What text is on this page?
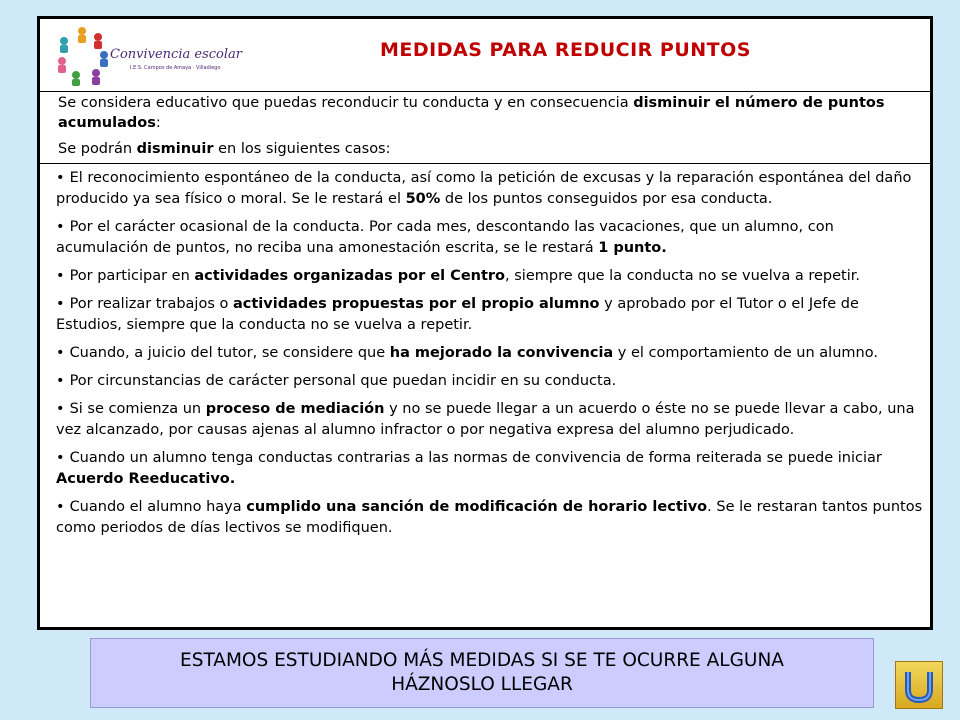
Convivencia escolar
I.E.S. Campos de Amaya · Villadiego
MEDIDAS PARA REDUCIR PUNTOS

Se considera educativo que puedas reconducir tu conducta y en consecuencia disminuir el número de puntos acumulados:

Se podrán disminuir en los siguientes casos:

• El reconocimiento espontáneo de la conducta, así como la petición de excusas y la reparación espontánea del daño producido ya sea físico o moral. Se le restará el 50% de los puntos conseguidos por esa conducta.
• Por el carácter ocasional de la conducta. Por cada mes, descontando las vacaciones, que un alumno, con acumulación de puntos, no reciba una amonestación escrita, se le restará 1 punto.
• Por participar en actividades organizadas por el Centro, siempre que la conducta no se vuelva a repetir.
• Por realizar trabajos o actividades propuestas por el propio alumno y aprobado por el Tutor o el Jefe de Estudios, siempre que la conducta no se vuelva a repetir.
• Cuando, a juicio del tutor, se considere que ha mejorado la convivencia y el comportamiento de un alumno.
• Por circunstancias de carácter personal que puedan incidir en su conducta.
• Si se comienza un proceso de mediación y no se puede llegar a un acuerdo o éste no se puede llevar a cabo, una vez alcanzado, por causas ajenas al alumno infractor o por negativa expresa del alumno perjudicado.
• Cuando un alumno tenga conductas contrarias a las normas de convivencia de forma reiterada se puede iniciar Acuerdo Reeducativo.
• Cuando el alumno haya cumplido una sanción de modificación de horario lectivo. Se le restaran tantos puntos como periodos de días lectivos se modifiquen.
ESTAMOS ESTUDIANDO MÁS MEDIDAS SI SE TE OCURRE ALGUNA
HÁZNOSLO LLEGAR
